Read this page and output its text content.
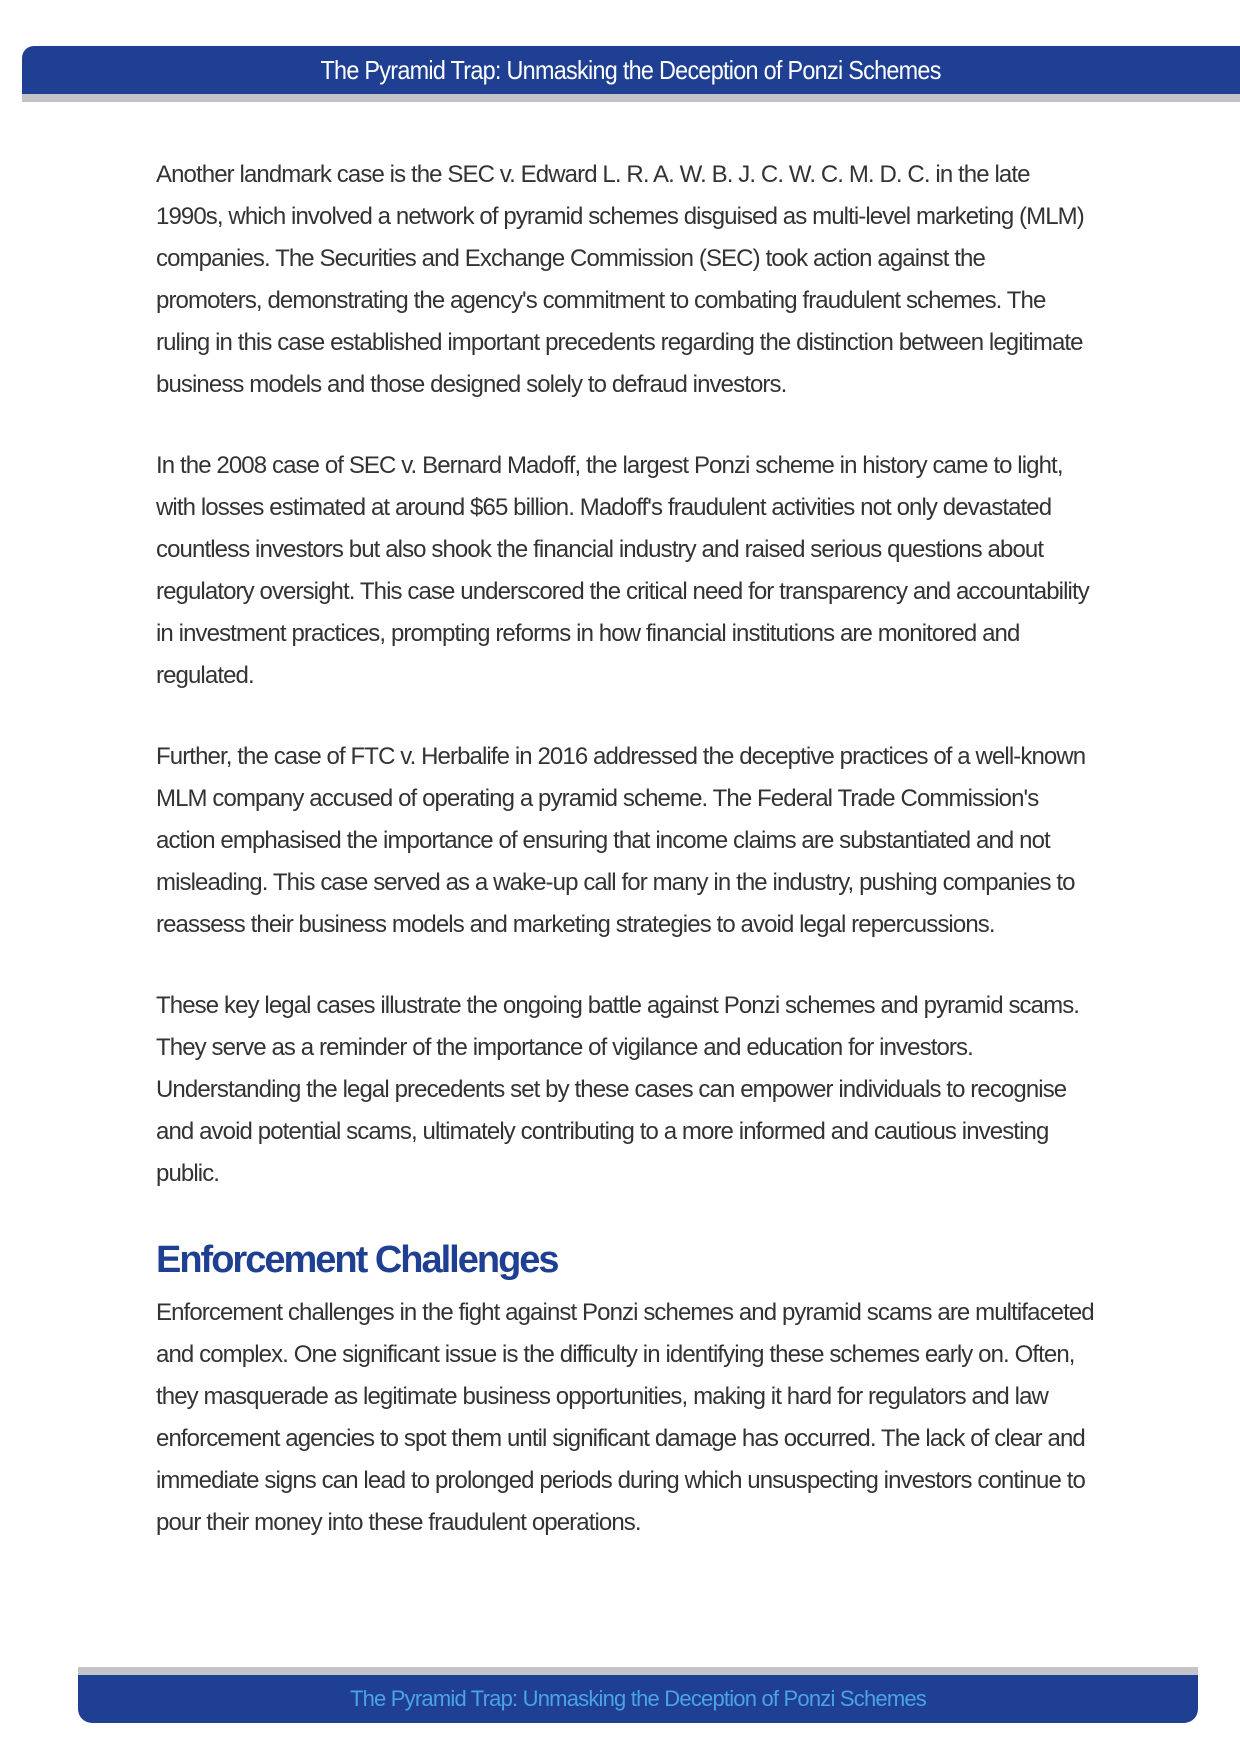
The Pyramid Trap: Unmasking the Deception of Ponzi Schemes

Another landmark case is the SEC v. Edward L. R. A. W. B. J. C. W. C. M. D. C. in the late 1990s, which involved a network of pyramid schemes disguised as multi-level marketing (MLM) companies. The Securities and Exchange Commission (SEC) took action against the promoters, demonstrating the agency's commitment to combating fraudulent schemes. The ruling in this case established important precedents regarding the distinction between legitimate business models and those designed solely to defraud investors.

In the 2008 case of SEC v. Bernard Madoff, the largest Ponzi scheme in history came to light, with losses estimated at around $65 billion. Madoff's fraudulent activities not only devastated countless investors but also shook the financial industry and raised serious questions about regulatory oversight. This case underscored the critical need for transparency and accountability in investment practices, prompting reforms in how financial institutions are monitored and regulated.

Further, the case of FTC v. Herbalife in 2016 addressed the deceptive practices of a well-known MLM company accused of operating a pyramid scheme. The Federal Trade Commission's action emphasised the importance of ensuring that income claims are substantiated and not misleading. This case served as a wake-up call for many in the industry, pushing companies to reassess their business models and marketing strategies to avoid legal repercussions.

These key legal cases illustrate the ongoing battle against Ponzi schemes and pyramid scams. They serve as a reminder of the importance of vigilance and education for investors. Understanding the legal precedents set by these cases can empower individuals to recognise and avoid potential scams, ultimately contributing to a more informed and cautious investing public.

Enforcement Challenges

Enforcement challenges in the fight against Ponzi schemes and pyramid scams are multifaceted and complex. One significant issue is the difficulty in identifying these schemes early on. Often, they masquerade as legitimate business opportunities, making it hard for regulators and law enforcement agencies to spot them until significant damage has occurred. The lack of clear and immediate signs can lead to prolonged periods during which unsuspecting investors continue to pour their money into these fraudulent operations.

The Pyramid Trap: Unmasking the Deception of Ponzi Schemes
